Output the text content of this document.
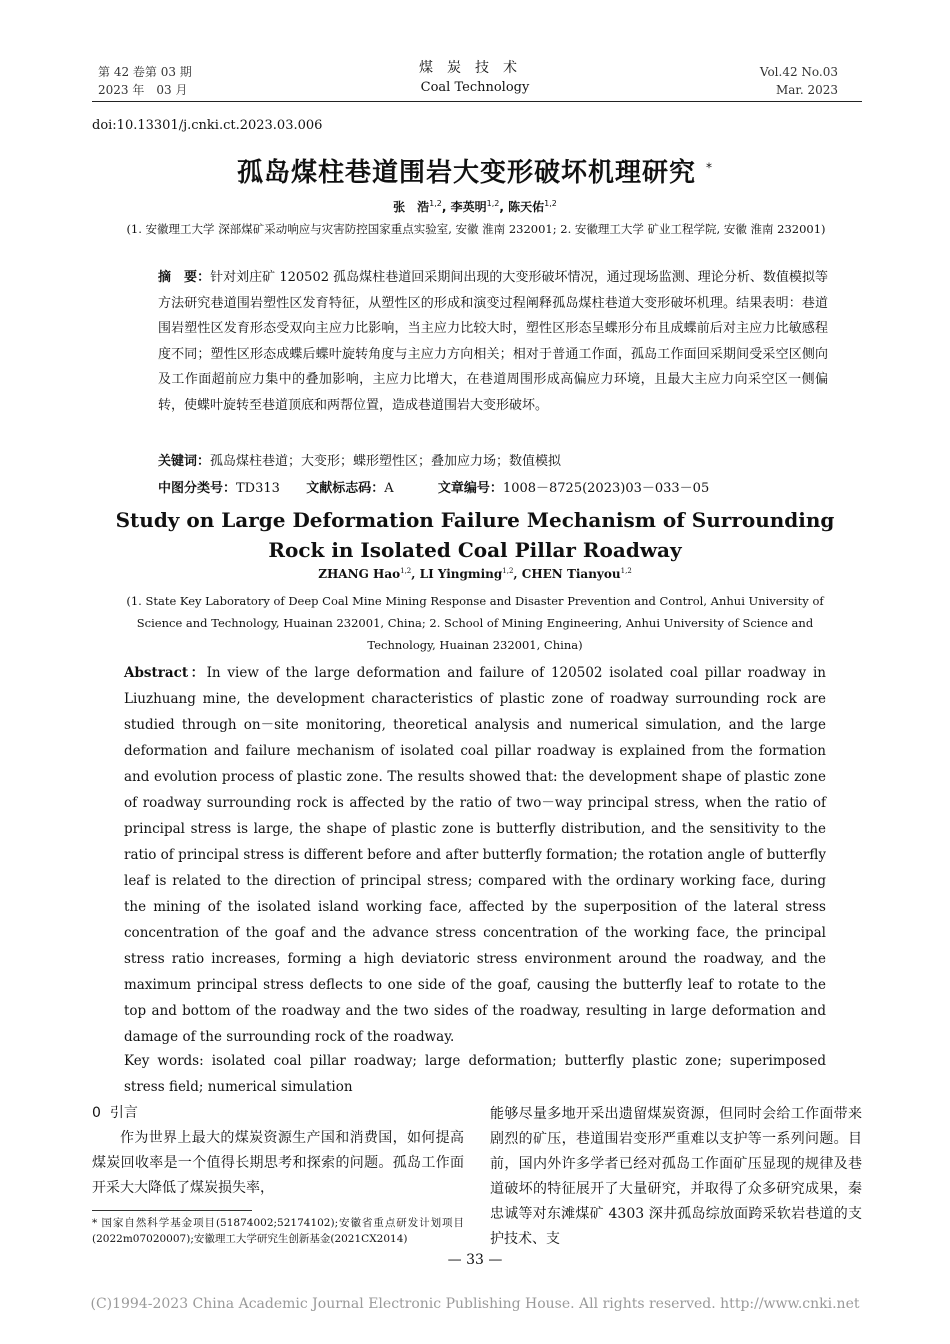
第 42 卷第 03 期
2023 年　03 月
煤炭技术
Coal Technology
Vol.42 No.03
Mar. 2023
doi:10.13301/j.cnki.ct.2023.03.006
孤岛煤柱巷道围岩大变形破坏机理研究 *
张　浩$^{1,2}$, 李英明$^{1,2}$, 陈天佑$^{1,2}$
(1. 安徽理工大学 深部煤矿采动响应与灾害防控国家重点实验室, 安徽 淮南 232001; 2. 安徽理工大学 矿业工程学院, 安徽 淮南 232001)
摘　要：针对刘庄矿 120502 孤岛煤柱巷道回采期间出现的大变形破坏情况，通过现场监测、理论分析、数值模拟等方法研究巷道围岩塑性区发育特征，从塑性区的形成和演变过程阐释孤岛煤柱巷道大变形破坏机理。结果表明：巷道围岩塑性区发育形态受双向主应力比影响，当主应力比较大时，塑性区形态呈蝶形分布且成蝶前后对主应力比敏感程度不同；塑性区形态成蝶后蝶叶旋转角度与主应力方向相关；相对于普通工作面，孤岛工作面回采期间受采空区侧向及工作面超前应力集中的叠加影响，主应力比增大，在巷道周围形成高偏应力环境，且最大主应力向采空区一侧偏转，使蝶叶旋转至巷道顶底和两帮位置，造成巷道围岩大变形破坏。
关键词：孤岛煤柱巷道；大变形；蝶形塑性区；叠加应力场；数值模拟
中图分类号：TD313 文献标志码：A	文章编号：1008－8725(2023)03－033－05
Study on Large Deformation Failure Mechanism of Surrounding Rock in Isolated Coal Pillar Roadway
ZHANG Hao$^{1,2}$, LI Yingming$^{1,2}$, CHEN Tianyou$^{1,2}$
(1. State Key Laboratory of Deep Coal Mine Mining Response and Disaster Prevention and Control, Anhui University of Science and Technology, Huainan 232001, China; 2. School of Mining Engineering, Anhui University of Science and Technology, Huainan 232001, China)
Abstract：In view of the large deformation and failure of 120502 isolated coal pillar roadway in Liuzhuang mine, the development characteristics of plastic zone of roadway surrounding rock are studied through on－site monitoring, theoretical analysis and numerical simulation, and the large deformation and failure mechanism of isolated coal pillar roadway is explained from the formation and evolution process of plastic zone. The results showed that: the development shape of plastic zone of roadway surrounding rock is affected by the ratio of two－way principal stress, when the ratio of principal stress is large, the shape of plastic zone is butterfly distribution, and the sensitivity to the ratio of principal stress is different before and after butterfly formation; the rotation angle of butterfly leaf is related to the direction of principal stress; compared with the ordinary working face, during the mining of the isolated island working face, affected by the superposition of the lateral stress concentration of the goaf and the advance stress concentration of the working face, the principal stress ratio increases, forming a high deviatoric stress environment around the roadway, and the maximum principal stress deflects to one side of the goaf, causing the butterfly leaf to rotate to the top and bottom of the roadway and the two sides of the roadway, resulting in large deformation and damage of the surrounding rock of the roadway.
Key words: isolated coal pillar roadway; large deformation; butterfly plastic zone; superimposed stress field; numerical simulation
0 引言

作为世界上最大的煤炭资源生产国和消费国，如何提高煤炭回收率是一个值得长期思考和探索的问题。孤岛工作面开采大大降低了煤炭损失率，

* 国家自然科学基金项目(51874002;52174102);安徽省重点研发计划项目(2022m07020007);安徽理工大学研究生创新基金(2021CX2014)

能够尽量多地开采出遗留煤炭资源，但同时会给工作面带来剧烈的矿压，巷道围岩变形严重难以支护等一系列问题。目前，国内外许多学者已经对孤岛工作面矿压显现的规律及巷道破坏的特征展开了大量研究，并取得了众多研究成果，秦忠诚等对东滩煤矿 4303 深井孤岛综放面跨采软岩巷道的支护技术、支

— 33 —
(C)1994-2023 China Academic Journal Electronic Publishing House. All rights reserved. http://www.cnki.net
